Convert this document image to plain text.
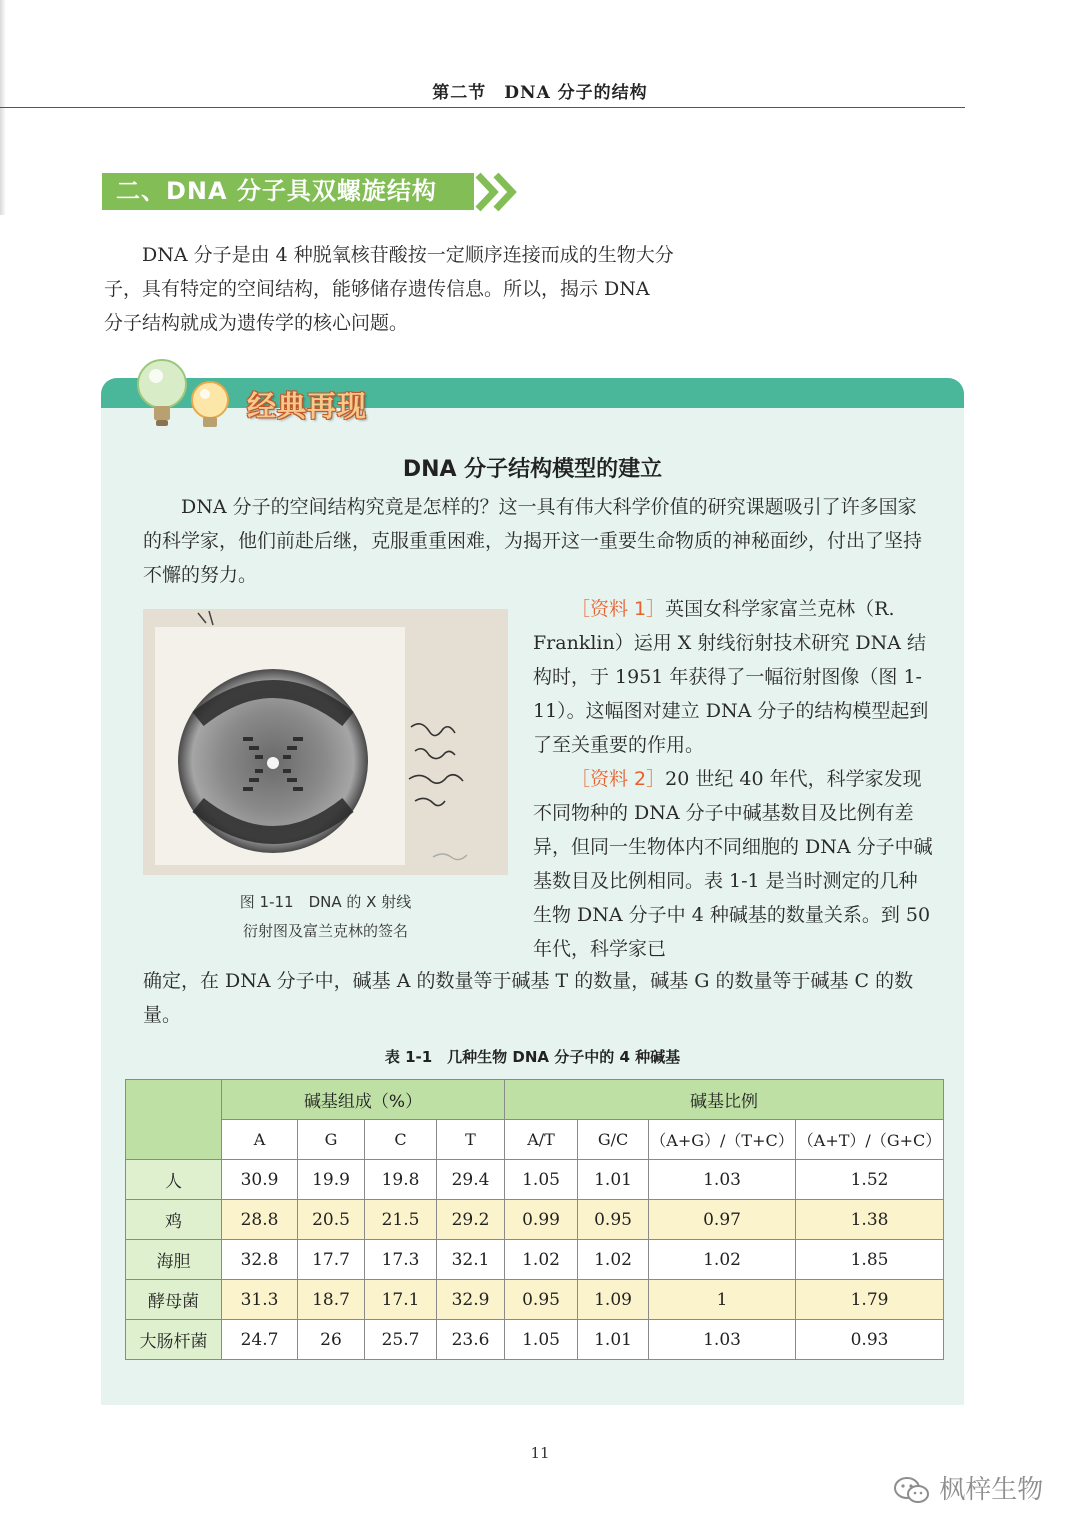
第二节　DNA 分子的结构
二、DNA 分子具双螺旋结构

DNA 分子是由 4 种脱氧核苷酸按一定顺序连接而成的生物大分子，具有特定的空间结构，能够储存遗传信息。所以，揭示 DNA 分子结构就成为遗传学的核心问题。

经典再现
DNA 分子结构模型的建立

DNA 分子的空间结构究竟是怎样的？这一具有伟大科学价值的研究课题吸引了许多国家的科学家，他们前赴后继，克服重重困难，为揭开这一重要生命物质的神秘面纱，付出了坚持不懈的努力。

图 1-11　DNA 的 X 射线
衍射图及富兰克林的签名

［资料 1］英国女科学家富兰克林（R. Franklin）运用 X 射线衍射技术研究 DNA 结构时，于 1951 年获得了一幅衍射图像（图 1-11）。这幅图对建立 DNA 分子的结构模型起到了至关重要的作用。

［资料 2］20 世纪 40 年代，科学家发现不同物种的 DNA 分子中碱基数目及比例有差异，但同一生物体内不同细胞的 DNA 分子中碱基数目及比例相同。表 1-1 是当时测定的几种生物 DNA 分子中 4 种碱基的数量关系。到 50 年代，科学家已

确定，在 DNA 分子中，碱基 A 的数量等于碱基 T 的数量，碱基 G 的数量等于碱基 C 的数量。

表 1-1　几种生物 DNA 分子中的 4 种碱基
	碱基组成（%）				碱基比例			
	A	G	C	T	A/T	G/C	（A+G）/（T+C）	（A+T）/（G+C）
人	30.9	19.9	19.8	29.4	1.05	1.01	1.03	1.52
鸡	28.8	20.5	21.5	29.2	0.99	0.95	0.97	1.38
海胆	32.8	17.7	17.3	32.1	1.02	1.02	1.02	1.85
酵母菌	31.3	18.7	17.1	32.9	0.95	1.09	1	1.79
大肠杆菌	24.7	26	25.7	23.6	1.05	1.01	1.03	0.93
11
枫梓生物
